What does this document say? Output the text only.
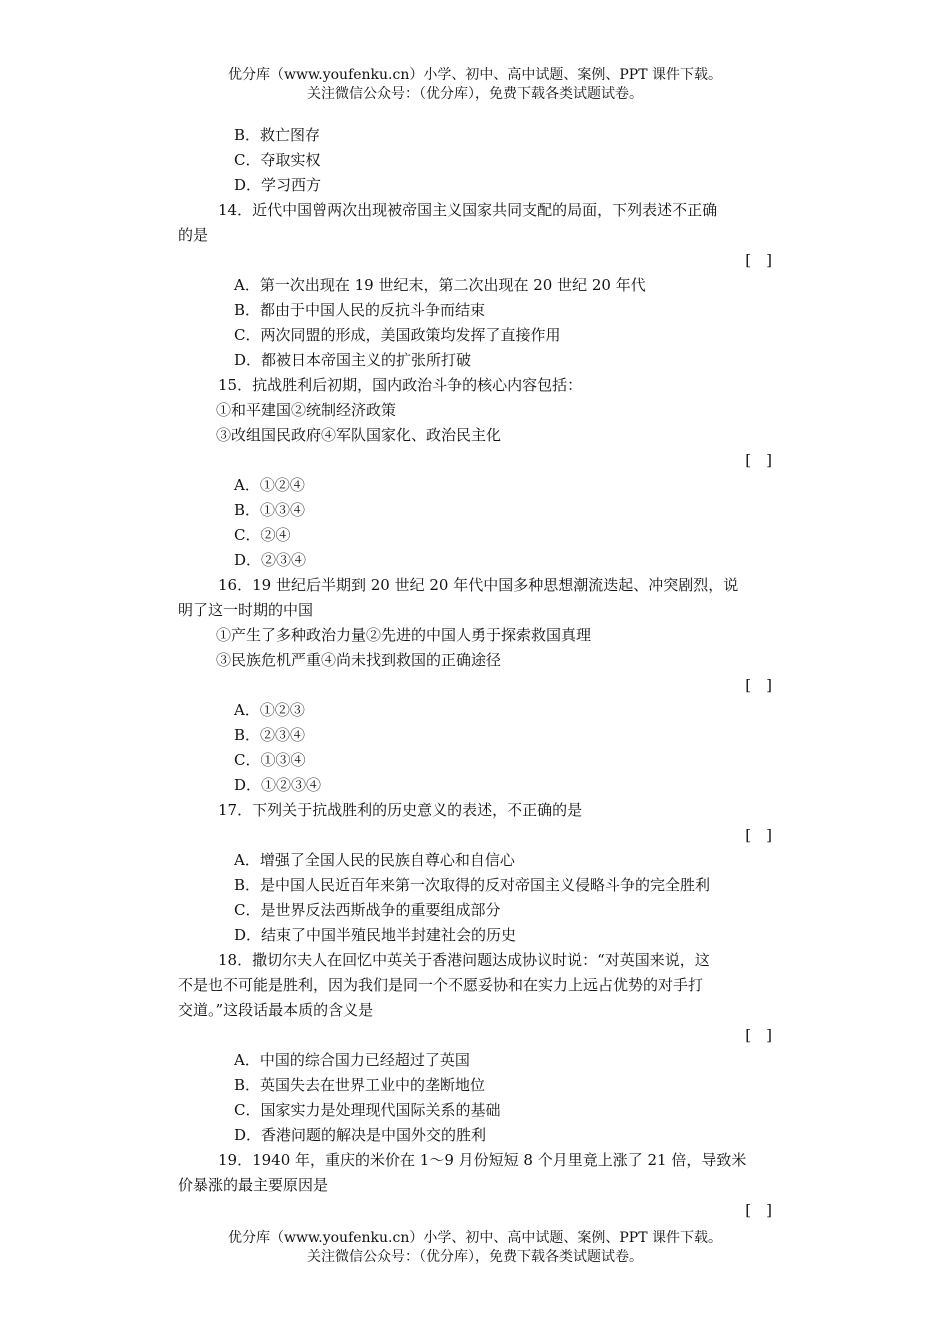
优分库（www.youfenku.cn）小学、初中、高中试题、案例、PPT 课件下载。
关注微信公众号：（优分库），免费下载各类试题试卷。
B．救亡图存
C．夺取实权
D．学习西方
14．近代中国曾两次出现被帝国主义国家共同支配的局面，下列表述不正确
的是
[　]
A．第一次出现在 19 世纪末，第二次出现在 20 世纪 20 年代
B．都由于中国人民的反抗斗争而结束
C．两次同盟的形成，美国政策均发挥了直接作用
D．都被日本帝国主义的扩张所打破
15．抗战胜利后初期，国内政治斗争的核心内容包括：
①和平建国②统制经济政策
③改组国民政府④军队国家化、政治民主化
[　]
A．①②④
B．①③④
C．②④
D．②③④
16．19 世纪后半期到 20 世纪 20 年代中国多种思想潮流迭起、冲突剧烈，说
明了这一时期的中国
①产生了多种政治力量②先进的中国人勇于探索救国真理
③民族危机严重④尚未找到救国的正确途径
[　]
A．①②③
B．②③④
C．①③④
D．①②③④
17．下列关于抗战胜利的历史意义的表述，不正确的是
[　]
A．增强了全国人民的民族自尊心和自信心
B．是中国人民近百年来第一次取得的反对帝国主义侵略斗争的完全胜利
C．是世界反法西斯战争的重要组成部分
D．结束了中国半殖民地半封建社会的历史
18．撒切尔夫人在回忆中英关于香港问题达成协议时说：“对英国来说，这
不是也不可能是胜利，因为我们是同一个不愿妥协和在实力上远占优势的对手打
交道。”这段话最本质的含义是
[　]
A．中国的综合国力已经超过了英国
B．英国失去在世界工业中的垄断地位
C．国家实力是处理现代国际关系的基础
D．香港问题的解决是中国外交的胜利
19．1940 年，重庆的米价在 1～9 月份短短 8 个月里竟上涨了 21 倍，导致米
价暴涨的最主要原因是
[　]
优分库（www.youfenku.cn）小学、初中、高中试题、案例、PPT 课件下载。
关注微信公众号：（优分库），免费下载各类试题试卷。
